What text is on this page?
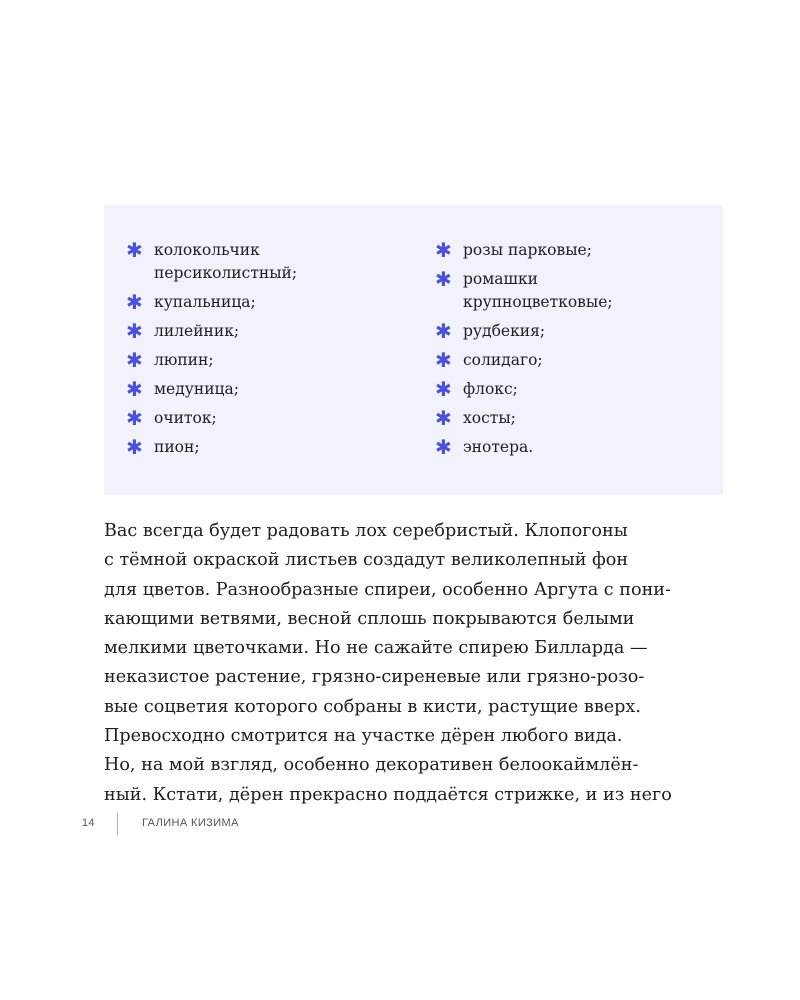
✱ колокольчик
персиколистный;
✱ купальница;
✱ лилейник;
✱ люпин;
✱ медуница;
✱ очиток;
✱ пион;
✱ розы парковые;
✱ ромашки
крупноцветковые;
✱ рудбекия;
✱ солидаго;
✱ флокс;
✱ хосты;
✱ энотера.
Вас всегда будет радовать лох серебристый. Клопогоны
с тёмной окраской листьев создадут великолепный фон
для цветов. Разнообразные спиреи, особенно Аргута с пони-
кающими ветвями, весной сплошь покрываются белыми
мелкими цветочками. Но не сажайте спирею Билларда —
неказистое растение, грязно-сиреневые или грязно-розо-
вые соцветия которого собраны в кисти, растущие вверх.
Превосходно смотрится на участке дёрен любого вида.
Но, на мой взгляд, особенно декоративен белоокаймлён-
ный. Кстати, дёрен прекрасно поддаётся стрижке, и из него
14	ГАЛИНА КИЗИМА
